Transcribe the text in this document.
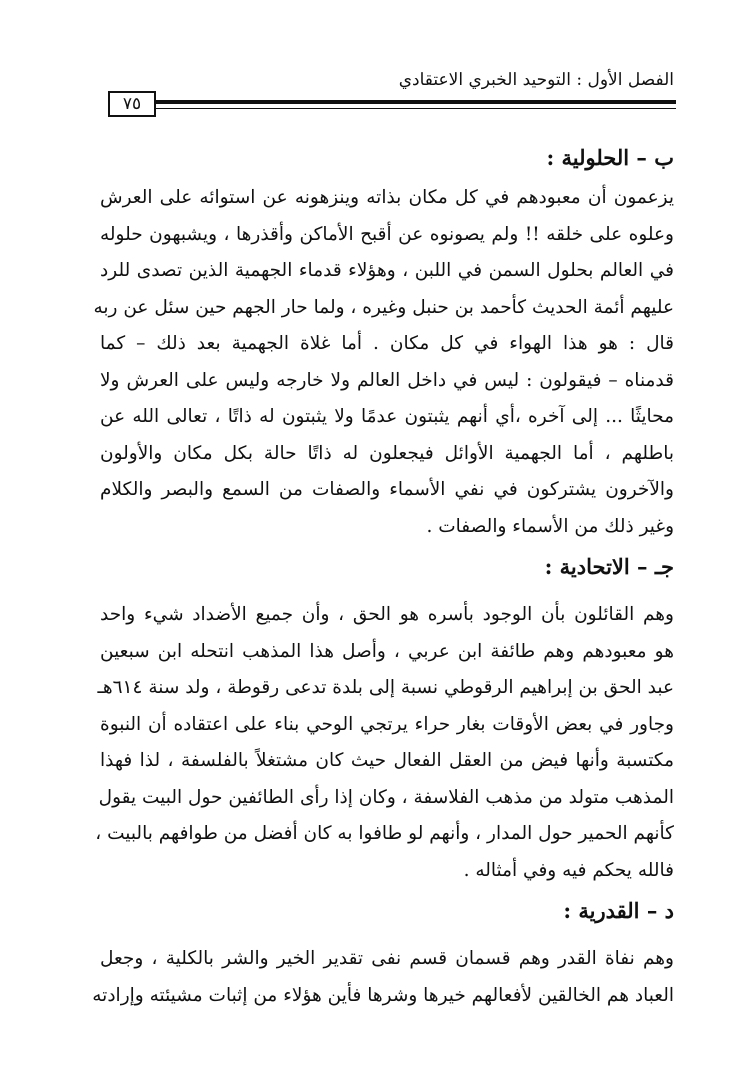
الفصل الأول : التوحيد الخبري الاعتقادي
٧٥
ب – الحلولية :
يزعمون أن معبودهم في كل مكان بذاته وينزهونه عن استوائه على العرش
وعلوه على خلقه !! ولم يصونوه عن أقبح الأماكن وأقذرها ، ويشبهون حلوله
في العالم بحلول السمن في اللبن ، وهؤلاء قدماء الجهمية الذين تصدى للرد
عليهم أئمة الحديث كأحمد بن حنبل وغيره ، ولما حار الجهم حين سئل عن ربه
قال : هو هذا الهواء في كل مكان . أما غلاة الجهمية بعد ذلك – كما
قدمناه – فيقولون : ليس في داخل العالم ولا خارجه وليس على العرش ولا
محايثًا ... إلى آخره ،أي أنهم يثبتون عدمًا ولا يثبتون له ذاتًا ، تعالى الله عن
باطلهم ، أما الجهمية الأوائل فيجعلون له ذاتًا حالة بكل مكان والأولون
والآخرون يشتركون في نفي الأسماء والصفات من السمع والبصر والكلام
وغير ذلك من الأسماء والصفات .
جـ – الاتحادية :
وهم القائلون بأن الوجود بأسره هو الحق ، وأن جميع الأضداد شيء واحد
هو معبودهم وهم طائفة ابن عربي ، وأصل هذا المذهب انتحله ابن سبعين
عبد الحق بن إبراهيم الرقوطي نسبة إلى بلدة تدعى رقوطة ، ولد سنة ٦١٤هـ
وجاور في بعض الأوقات بغار حراء يرتجي الوحي بناء على اعتقاده أن النبوة
مكتسبة وأنها فيض من العقل الفعال حيث كان مشتغلاً بالفلسفة ، لذا فهذا
المذهب متولد من مذهب الفلاسفة ، وكان إذا رأى الطائفين حول البيت يقول
كأنهم الحمير حول المدار ، وأنهم لو طافوا به كان أفضل من طوافهم بالبيت ،
فالله يحكم فيه وفي أمثاله .
د – القدرية :
وهم نفاة القدر وهم قسمان قسم نفى تقدير الخير والشر بالكلية ، وجعل
العباد هم الخالقين لأفعالهم خيرها وشرها فأين هؤلاء من إثبات مشيئته وإرادته
